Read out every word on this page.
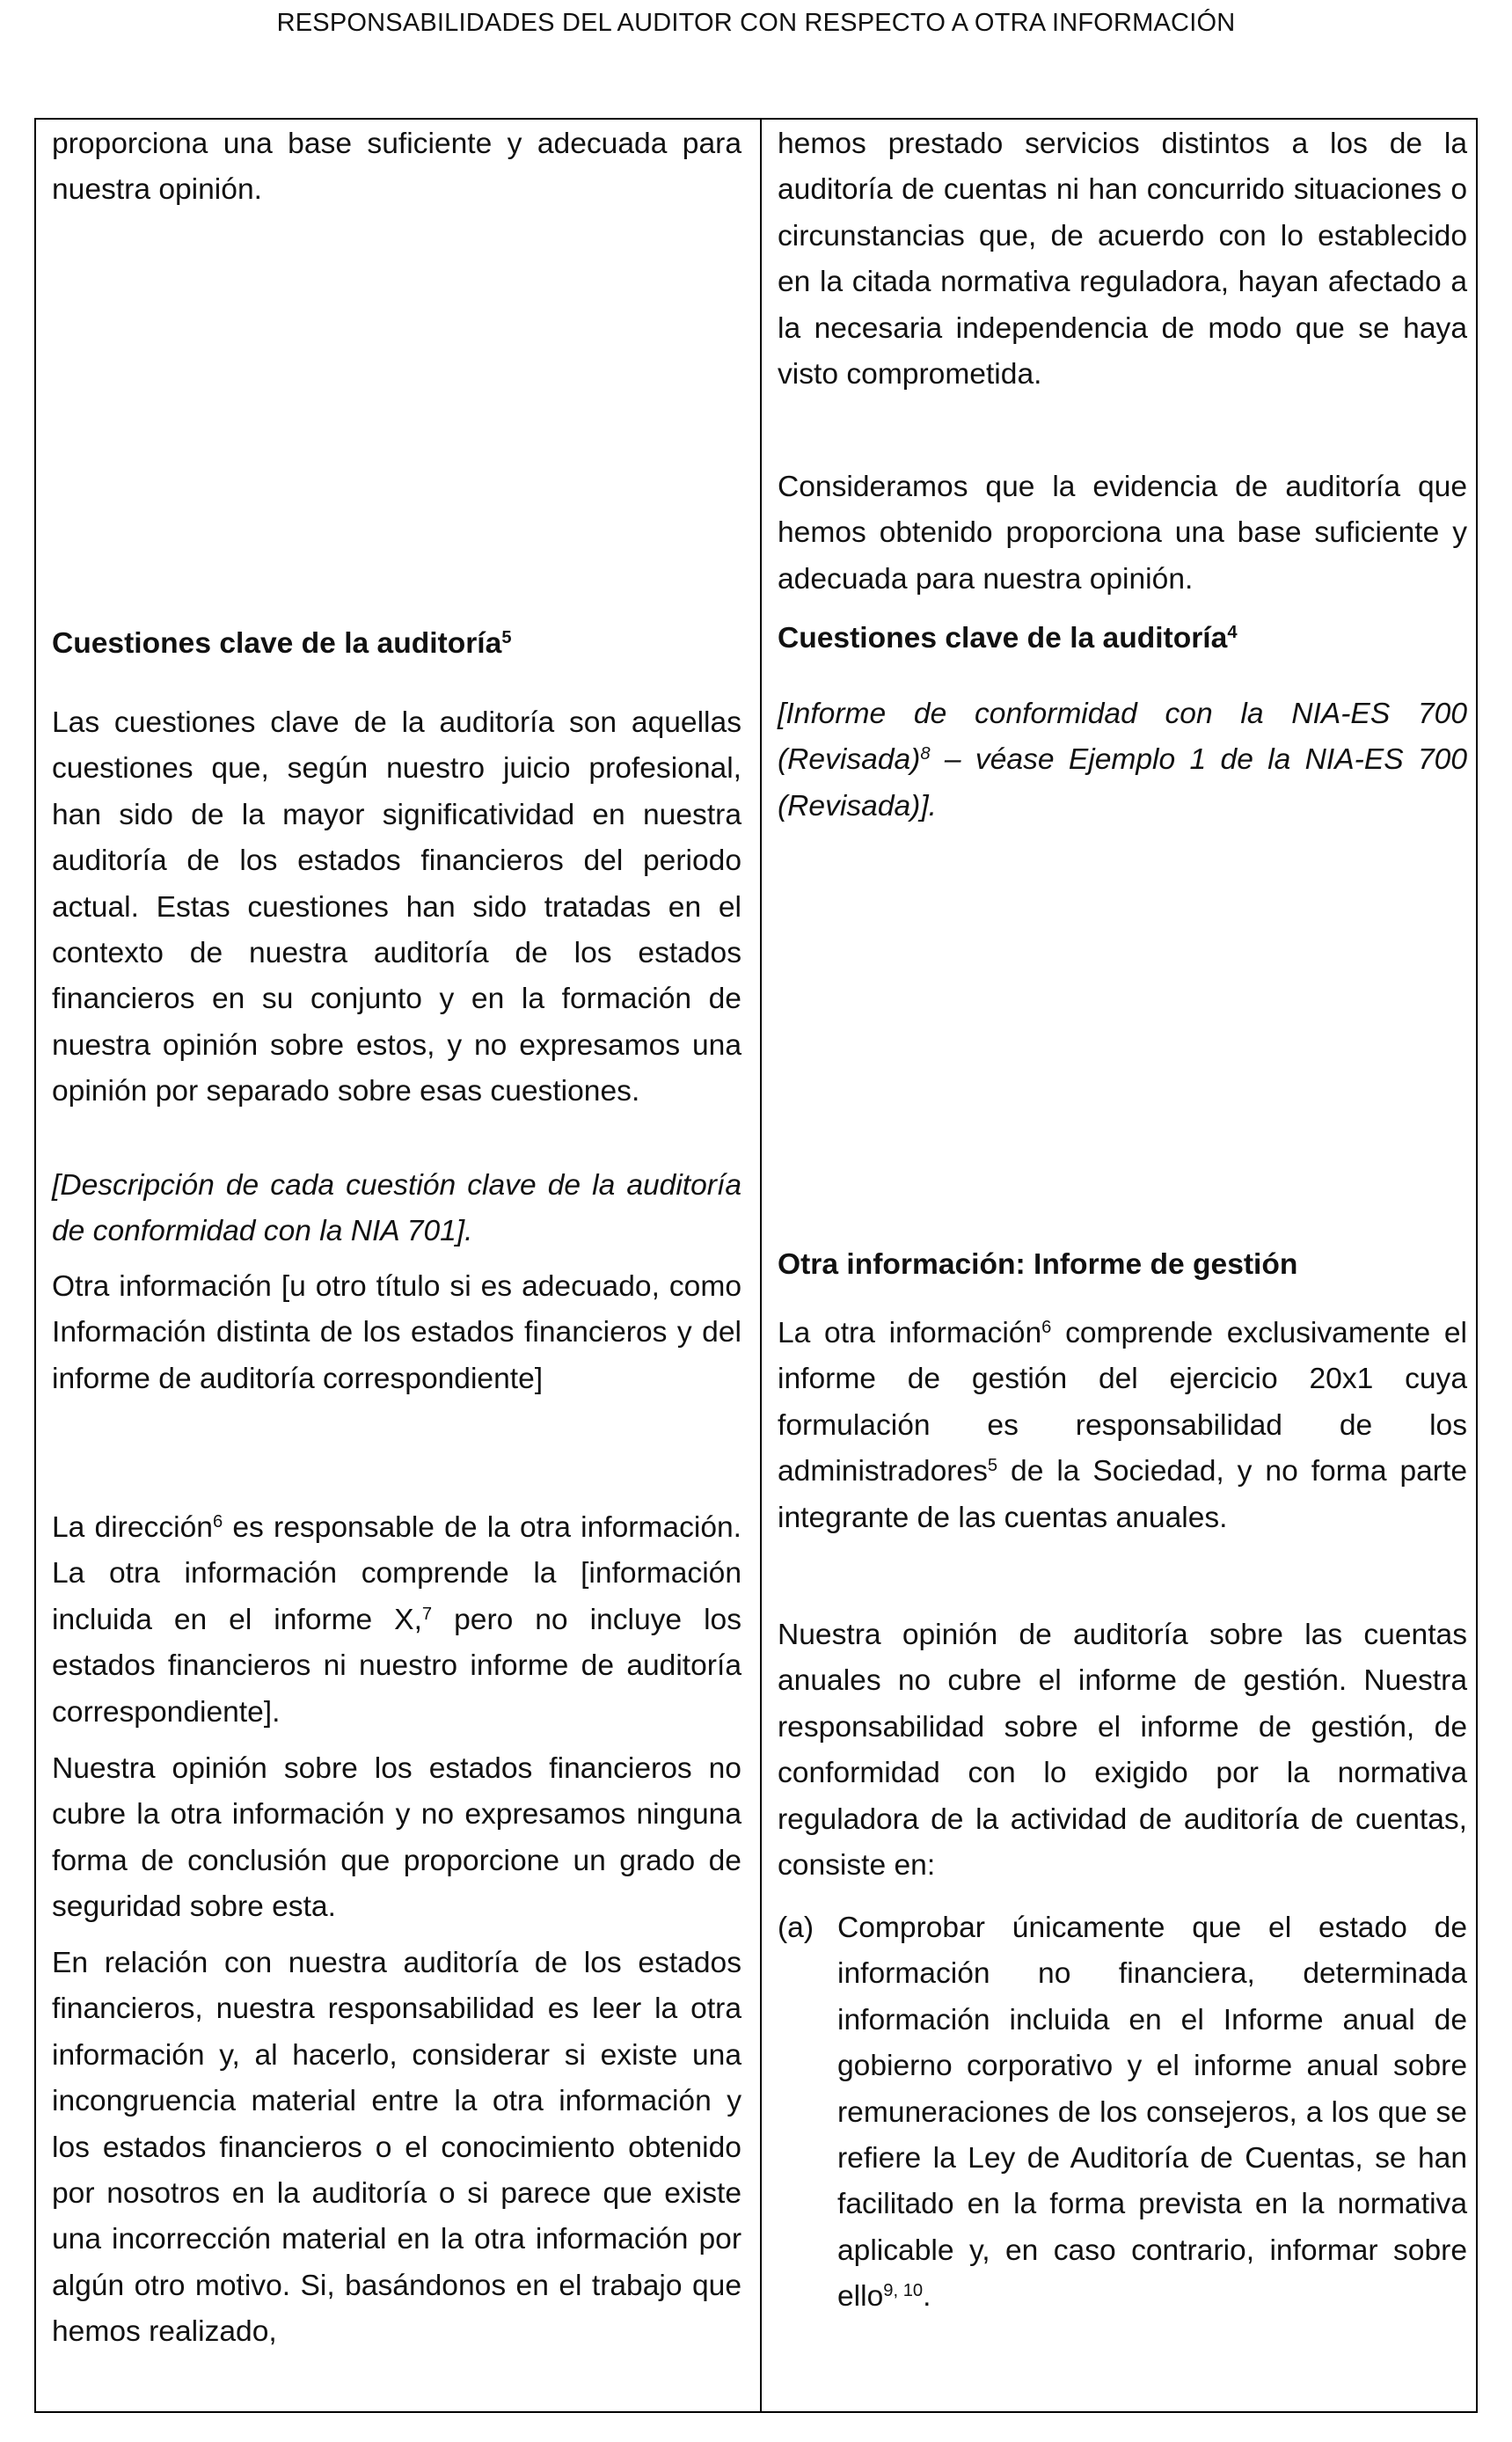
RESPONSABILIDADES DEL AUDITOR CON RESPECTO A OTRA INFORMACIÓN

proporciona una base suficiente y adecuada para nuestra opinión.

Cuestiones clave de la auditoría$^5$

Las cuestiones clave de la auditoría son aquellas cuestiones que, según nuestro juicio profesional, han sido de la mayor significatividad en nuestra auditoría de los estados financieros del periodo actual. Estas cuestiones han sido tratadas en el contexto de nuestra auditoría de los estados financieros en su conjunto y en la formación de nuestra opinión sobre estos, y no expresamos una opinión por separado sobre esas cuestiones.

[Descripción de cada cuestión clave de la auditoría de conformidad con la NIA 701].

Otra información [u otro título si es adecuado, como Información distinta de los estados financieros y del informe de auditoría correspondiente]

La dirección$^6$ es responsable de la otra información. La otra información comprende la [información incluida en el informe X,$^7$ pero no incluye los estados financieros ni nuestro informe de auditoría correspondiente].

Nuestra opinión sobre los estados financieros no cubre la otra información y no expresamos ninguna forma de conclusión que proporcione un grado de seguridad sobre esta.

En relación con nuestra auditoría de los estados financieros, nuestra responsabilidad es leer la otra información y, al hacerlo, considerar si existe una incongruencia material entre la otra información y los estados financieros o el conocimiento obtenido por nosotros en la auditoría o si parece que existe una incorrección material en la otra información por algún otro motivo. Si, basándonos en el trabajo que hemos realizado,

hemos prestado servicios distintos a los de la auditoría de cuentas ni han concurrido situaciones o circunstancias que, de acuerdo con lo establecido en la citada normativa reguladora, hayan afectado a la necesaria independencia de modo que se haya visto comprometida.

Consideramos que la evidencia de auditoría que hemos obtenido proporciona una base suficiente y adecuada para nuestra opinión.

Cuestiones clave de la auditoría$^4$

[Informe de conformidad con la NIA-ES 700 (Revisada)$^8$ – véase Ejemplo 1 de la NIA-ES 700 (Revisada)].

Otra información: Informe de gestión

La otra información$^6$ comprende exclusivamente el informe de gestión del ejercicio 20x1 cuya formulación es responsabilidad de los administradores$^5$ de la Sociedad, y no forma parte integrante de las cuentas anuales.

Nuestra opinión de auditoría sobre las cuentas anuales no cubre el informe de gestión. Nuestra responsabilidad sobre el informe de gestión, de conformidad con lo exigido por la normativa reguladora de la actividad de auditoría de cuentas, consiste en:

(a) Comprobar únicamente que el estado de información no financiera, determinada información incluida en el Informe anual de gobierno corporativo y el informe anual sobre remuneraciones de los consejeros, a los que se refiere la Ley de Auditoría de Cuentas, se han facilitado en la forma prevista en la normativa aplicable y, en caso contrario, informar sobre ello$^{9, 10}$.
